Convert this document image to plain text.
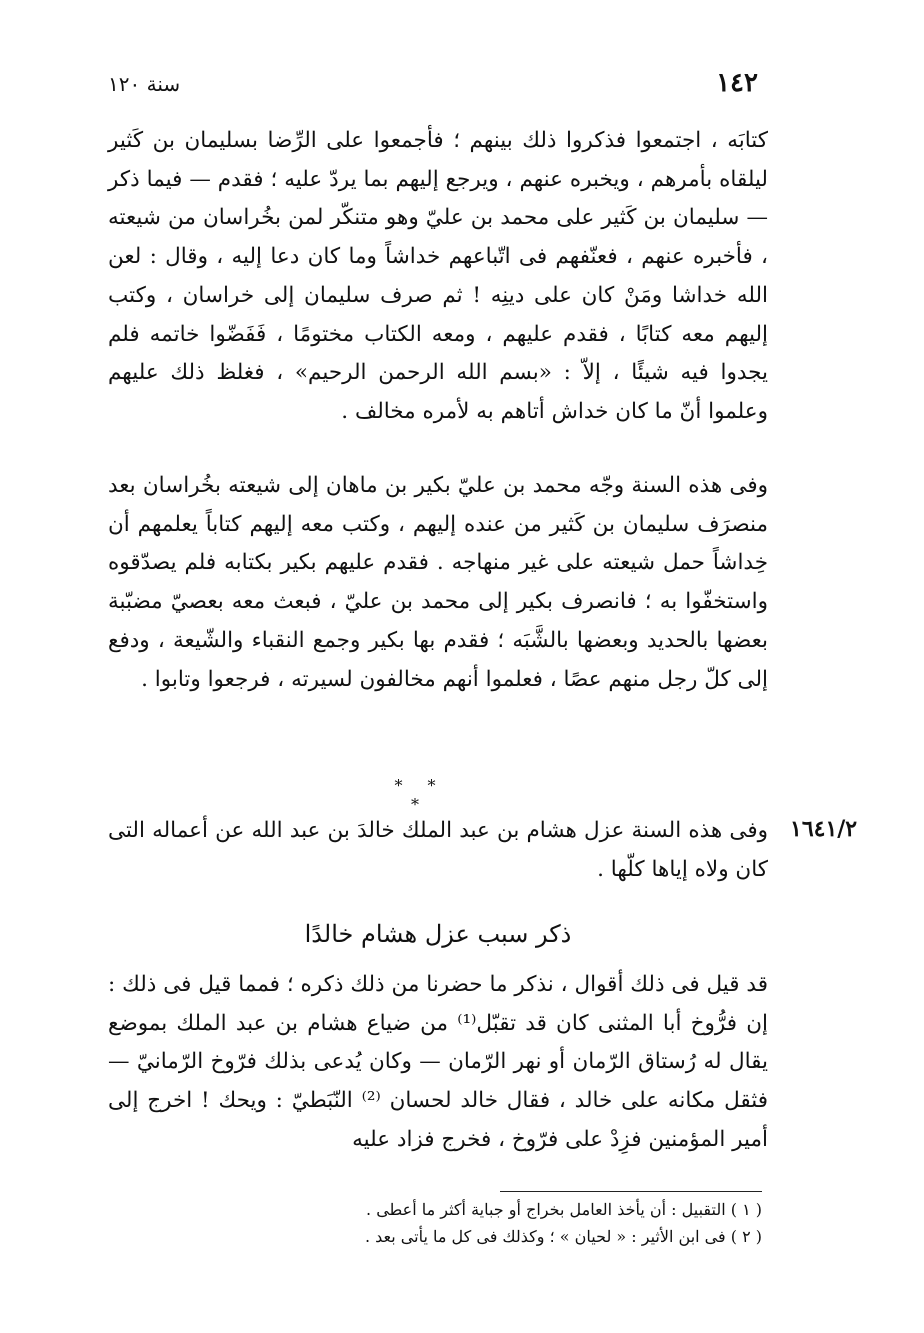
١٤٢
سنة ١٢٠

كتابَه ، اجتمعوا فذكروا ذلك بينهم ؛ فأجمعوا على الرِّضا بسليمان بن كَثير ليلقاه بأمرهم ، ويخبره عنهم ، ويرجع إليهم بما يردّ عليه ؛ فقدم — فيما ذكر — سليمان بن كَثير على محمد بن عليّ وهو متنكّر لمن بخُراسان من شيعته ، فأخبره عنهم ، فعنّفهم فى اتّباعهم خداشاً وما كان دعا إليه ، وقال : لعن الله خداشا ومَنْ كان على دينِه ! ثم صرف سليمان إلى خراسان ، وكتب إليهم معه كتابًا ، فقدم عليهم ، ومعه الكتاب مختومًا ، فَفَضّوا خاتمه فلم يجدوا فيه شيئًا ، إلاّ : «بسم الله الرحمن الرحيم» ، فغلظ ذلك عليهم وعلموا أنّ ما كان خداش أتاهم به لأمره مخالف .

وفى هذه السنة وجّه محمد بن عليّ بكير بن ماهان إلى شيعته بخُراسان بعد منصرَف سليمان بن كَثير من عنده إليهم ، وكتب معه إليهم كتاباً يعلمهم أن خِداشاً حمل شيعته على غير منهاجه . فقدم عليهم بكير بكتابه فلم يصدّقوه واستخفّوا به ؛ فانصرف بكير إلى محمد بن عليّ ، فبعث معه بعصيّ مضبّبة بعضها بالحديد وبعضها بالشَّبَه ؛ فقدم بها بكير وجمع النقباء والشّيعة ، ودفع إلى كلّ رجل منهم عصًا ، فعلموا أنهم مخالفون لسيرته ، فرجعوا وتابوا .

* * *
١٦٤١/٢

وفى هذه السنة عزل هشام بن عبد الملك خالدَ بن عبد الله عن أعماله التى كان ولاه إياها كلّها .

ذكر سبب عزل هشام خالدًا

قد قيل فى ذلك أقوال ، نذكر ما حضرنا من ذلك ذكره ؛ فمما قيل فى ذلك : إن فرُّوخ أبا المثنى كان قد تقبّل⁽¹⁾ من ضياع هشام بن عبد الملك بموضع يقال له رُستاق الرّمان أو نهر الرّمان — وكان يُدعى بذلك فرّوخ الرّمانيّ — فثقل مكانه على خالد ، فقال خالد لحسان ⁽²⁾ النّبَطيّ : ويحك ! اخرج إلى أمير المؤمنين فزِدْ على فرّوخ ، فخرج فزاد عليه

( ١ ) التقبيل : أن يأخذ العامل بخراج أو جباية أكثر ما أعطى .
( ٢ ) فى ابن الأثير : « لحيان » ؛ وكذلك فى كل ما يأتى بعد .
